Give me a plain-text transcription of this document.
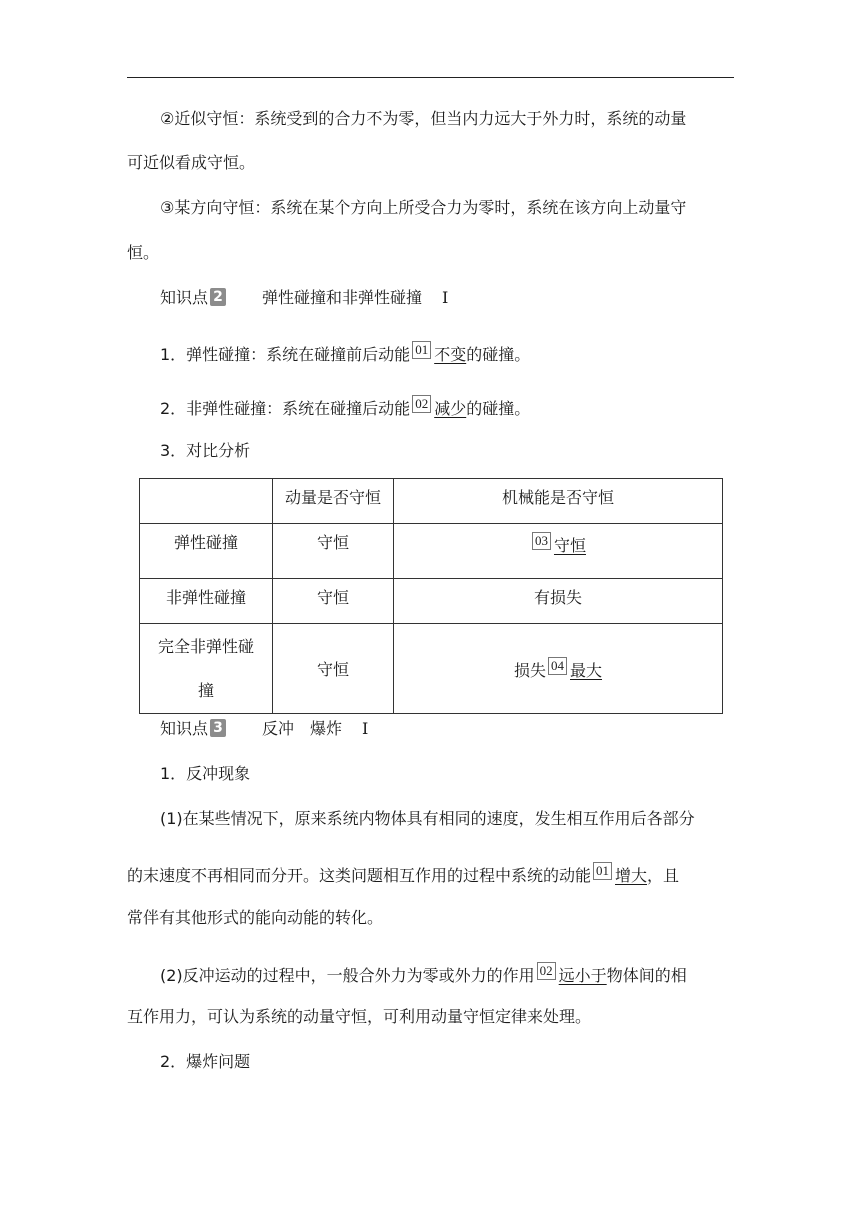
②近似守恒：系统受到的合力不为零，但当内力远大于外力时，系统的动量
可近似看成守恒。
③某方向守恒：系统在某个方向上所受合力为零时，系统在该方向上动量守
恒。
知识点 2 弹性碰撞和非弹性碰撞 Ⅰ
1．弹性碰撞：系统在碰撞前后动能 01 不变的碰撞。
2．非弹性碰撞：系统在碰撞后动能 02 减少的碰撞。
3．对比分析
	动量是否守恒	机械能是否守恒
弹性碰撞	守恒	03 守恒
非弹性碰撞	守恒	有损失

完全非弹性碰
撞	守恒	损失 04 最大
知识点 3 反冲　爆炸 Ⅰ
1．反冲现象
(1)在某些情况下，原来系统内物体具有相同的速度，发生相互作用后各部分
的末速度不再相同而分开。这类问题相互作用的过程中系统的动能 01 增大，且
常伴有其他形式的能向动能的转化。
(2)反冲运动的过程中，一般合外力为零或外力的作用 02 远小于物体间的相
互作用力，可认为系统的动量守恒，可利用动量守恒定律来处理。
2．爆炸问题
